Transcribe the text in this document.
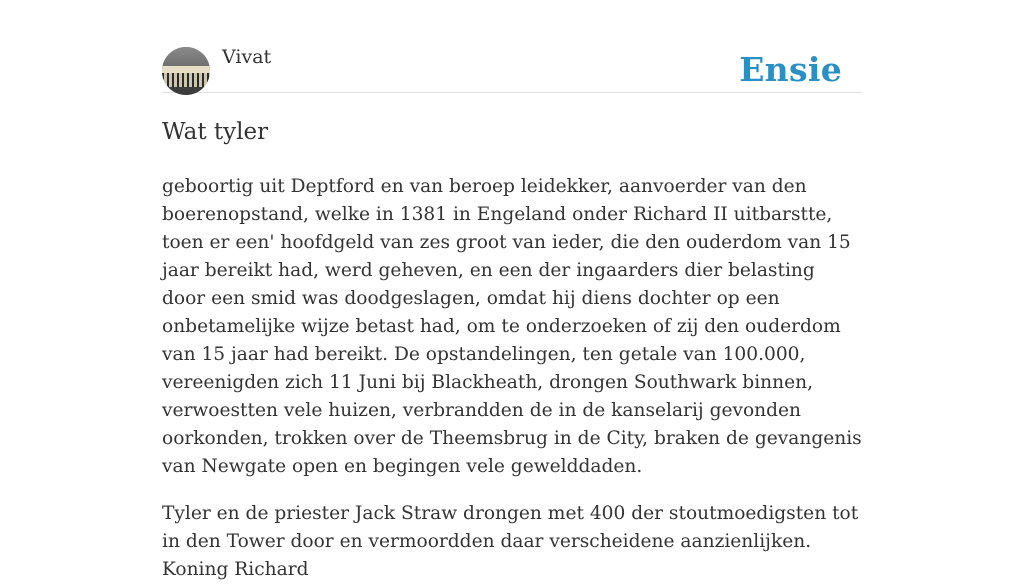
Vivat	Ensie
Wat tyler

geboortig uit Deptford en van beroep leidekker, aanvoerder van den boerenopstand, welke in 1381 in Engeland onder Richard II uitbarstte, toen er een' hoofdgeld van zes groot van ieder, die den ouderdom van 15 jaar bereikt had, werd geheven, en een der ingaarders dier belasting door een smid was doodgeslagen, omdat hij diens dochter op een onbetamelijke wijze betast had, om te onderzoeken of zij den ouderdom van 15 jaar had bereikt. De opstandelingen, ten getale van 100.000, vereenigden zich 11 Juni bij Blackheath, drongen Southwark binnen, verwoestten vele huizen, verbrandden de in de kanselarij gevonden oorkonden, trokken over de Theemsbrug in de City, braken de gevangenis van Newgate open en begingen vele gewelddaden.

Tyler en de priester Jack Straw drongen met 400 der stoutmoedigsten tot in den Tower door en vermoordden daar verscheidene aanzienlijken. Koning Richard
